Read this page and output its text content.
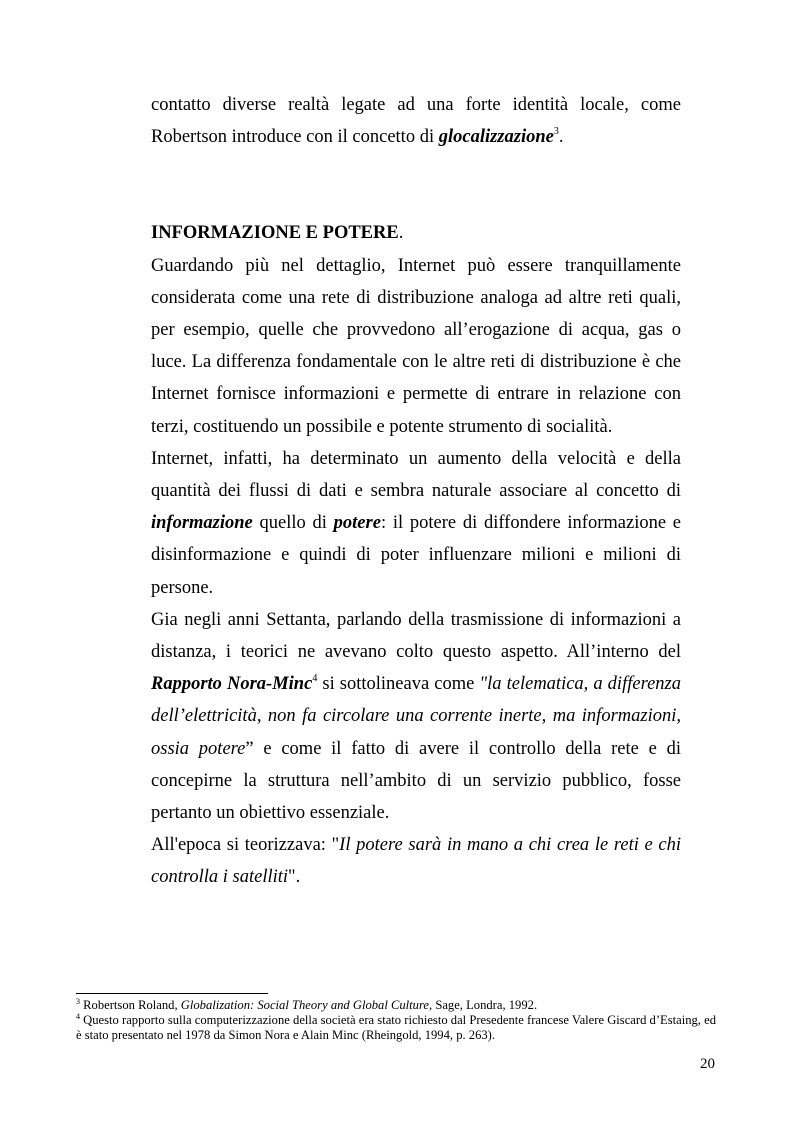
contatto diverse realtà legate ad una forte identità locale, come Robertson introduce con il concetto di glocalizzazione$^3$.

INFORMAZIONE E POTERE.

Guardando più nel dettaglio, Internet può essere tranquillamente considerata come una rete di distribuzione analoga ad altre reti quali, per esempio, quelle che provvedono all’erogazione di acqua, gas o luce. La differenza fondamentale con le altre reti di distribuzione è che Internet fornisce informazioni e permette di entrare in relazione con terzi, costituendo un possibile e potente strumento di socialità.

Internet, infatti, ha determinato un aumento della velocità e della quantità dei flussi di dati e sembra naturale associare al concetto di informazione quello di potere: il potere di diffondere informazione e disinformazione e quindi di poter influenzare milioni e milioni di persone.

Gia negli anni Settanta, parlando della trasmissione di informazioni a distanza, i teorici ne avevano colto questo aspetto. All’interno del Rapporto Nora-Minc$^4$ si sottolineava come "la telematica, a differenza dell’elettricità, non fa circolare una corrente inerte, ma informazioni, ossia potere” e come il fatto di avere il controllo della rete e di concepirne la struttura nell’ambito di un servizio pubblico, fosse pertanto un obiettivo essenziale.

All'epoca si teorizzava: "Il potere sarà in mano a chi crea le reti e chi controlla i satelliti".

$^3$ Robertson Roland, Globalization: Social Theory and Global Culture, Sage, Londra, 1992.

$^4$ Questo rapporto sulla computerizzazione della società era stato richiesto dal Presedente francese Valere Giscard d’Estaing, ed è stato presentato nel 1978 da Simon Nora e Alain Minc (Rheingold, 1994, p. 263).

20
